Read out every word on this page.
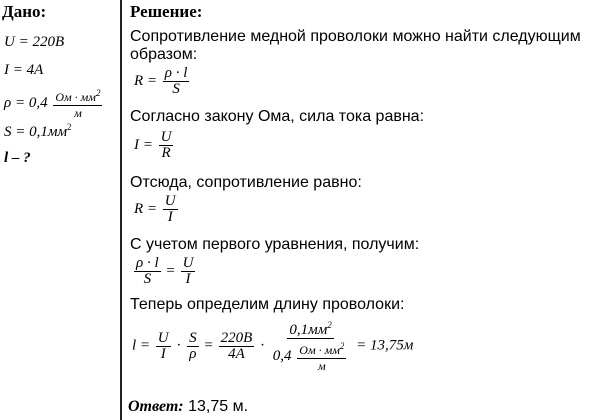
Дано:
U = 220В
I = 4A
$\rho = 0,4 \frac{Ом \cdot мм^2}{м}$
$S = 0,1мм^2$
l – ?
Решение:
Сопротивление медной проволоки можно найти следующим
образом:
$R = \frac{\rho \cdot l}{S}$
Согласно закону Ома, сила тока равна:
$I = \frac{U}{R}$
Отсюда, сопротивление равно:
$R = \frac{U}{I}$
С учетом первого уравнения, получим:
$\frac{\rho \cdot l}{S} = \frac{U}{I}$
Теперь определим длину проволоки:
$l = \frac{U}{I} \cdot \frac{S}{\rho} = \frac{220В}{4A} \cdot \frac{0,1мм^2}{0,4 \frac{Ом \cdot мм^2}{м}} = 13,75м$
Ответ: 13,75 м.
